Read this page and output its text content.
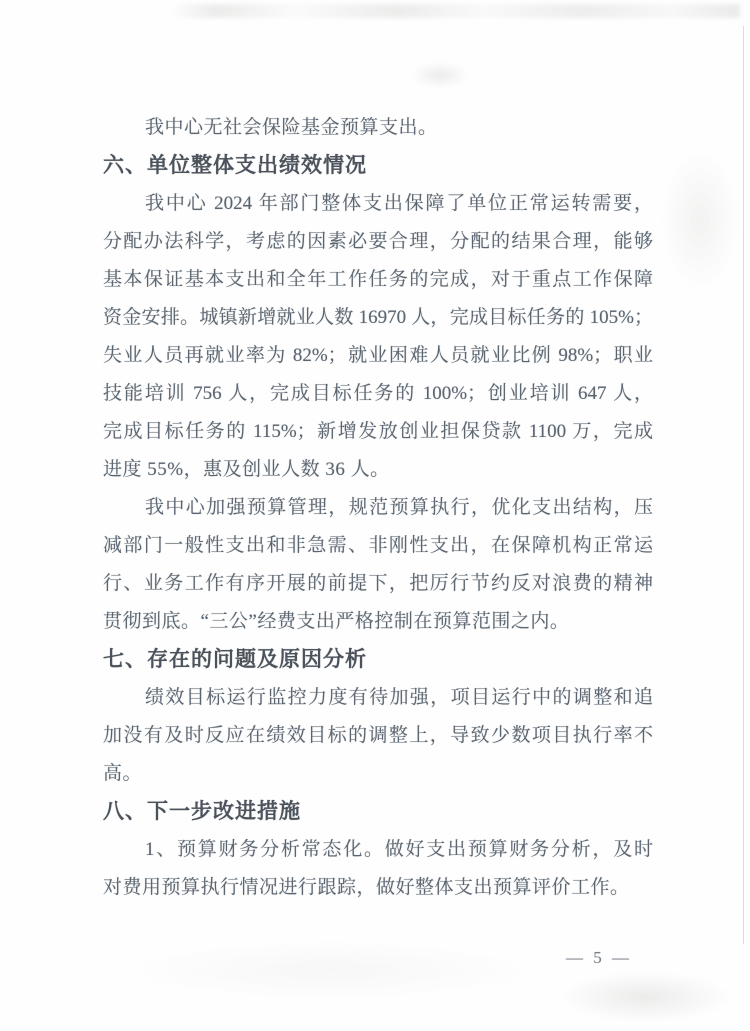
我中心无社会保险基金预算支出。
六、单位整体支出绩效情况
我中心 2024 年部门整体支出保障了单位正常运转需要，
分配办法科学，考虑的因素必要合理，分配的结果合理，能够
基本保证基本支出和全年工作任务的完成，对于重点工作保障
资金安排。城镇新增就业人数 16970 人，完成目标任务的 105%；
失业人员再就业率为 82%；就业困难人员就业比例 98%；职业
技能培训 756 人，完成目标任务的 100%；创业培训 647 人，
完成目标任务的 115%；新增发放创业担保贷款 1100 万，完成
进度 55%，惠及创业人数 36 人。
我中心加强预算管理，规范预算执行，优化支出结构，压
减部门一般性支出和非急需、非刚性支出，在保障机构正常运
行、业务工作有序开展的前提下，把厉行节约反对浪费的精神
贯彻到底。“三公”经费支出严格控制在预算范围之内。
七、存在的问题及原因分析
绩效目标运行监控力度有待加强，项目运行中的调整和追
加没有及时反应在绩效目标的调整上，导致少数项目执行率不
高。
八、下一步改进措施
1、预算财务分析常态化。做好支出预算财务分析，及时
对费用预算执行情况进行跟踪，做好整体支出预算评价工作。
— 5 —
